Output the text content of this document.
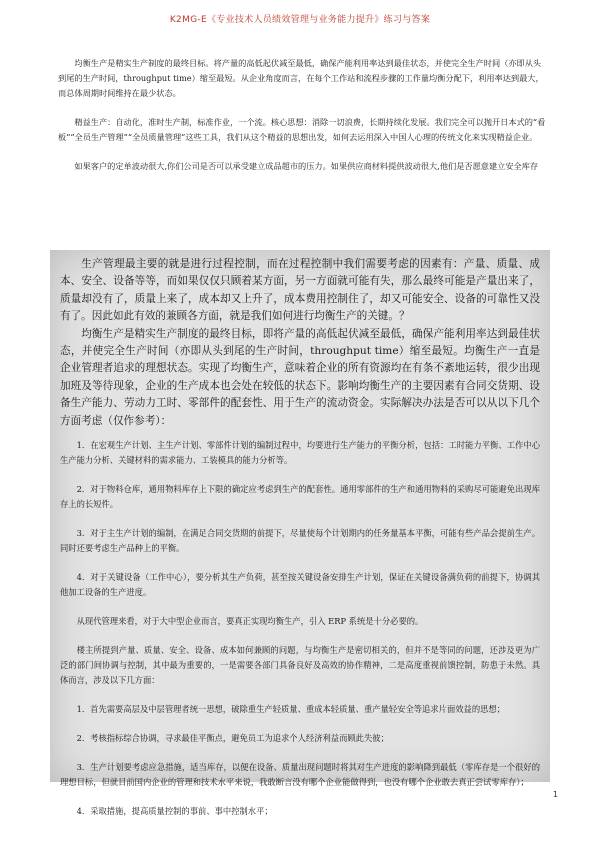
K2MG-E《专业技术人员绩效管理与业务能力提升》练习与答案

均衡生产是精实生产制度的最终目标。将产量的高低起伏减至最低，确保产能利用率达到最佳状态，并使完全生产时间（亦即从头到尾的生产时间，throughput time）缩至最短。从企业角度而言，在每个工作站和流程步骤的工作量均衡分配下，利用率达到最大，而总体周期时间维持在最少状态。

精益生产：自动化，准时生产制，标准作业，一个流。核心思想：消除一切浪费，长期持续化发展。我们完全可以抛开日本式的“看板”“全员生产管理”“全员质量管理”这些工具，我们从这个精益的思想出发，如何去运用深入中国人心理的传统文化来实现精益企业。

如果客户的定单波动很大,你们公司是否可以承受建立成品超市的压力。如果供应商材料提供波动很大,他们是否愿意建立安全库存

生产管理最主要的就是进行过程控制，而在过程控制中我们需要考虑的因素有：产量、质量、成本、安全、设备等等，而如果仅仅只顾着某方面，另一方面就可能有失，那么最终可能是产量出来了，质量却没有了，质量上来了，成本却又上升了，成本费用控制住了，却又可能安全、设备的可靠性又没有了。因此如此有效的兼顾各方面，就是我们如何进行均衡生产的关键。？

均衡生产是精实生产制度的最终目标，即将产量的高低起伏减至最低，确保产能利用率达到最佳状态，并使完全生产时间（亦即从头到尾的生产时间，throughput time）缩至最短。均衡生产一直是企业管理者追求的理想状态。实现了均衡生产，意味着企业的所有资源均在有条不紊地运转，很少出现加班及等待现象，企业的生产成本也会处在较低的状态下。影响均衡生产的主要因素有合同交货期、设备生产能力、劳动力工时、零部件的配套性、用于生产的流动资金。实际解决办法是否可以从以下几个方面考虑（仅作参考）：

1．在宏观生产计划、主生产计划、零部件计划的编制过程中，均要进行生产能力的平衡分析，包括：工时能力平衡、工作中心生产能力分析、关键材料的需求能力、工装模具的能力分析等。

2．对于物料仓库，通用物料库存上下限的确定应考虑到生产的配套性。通用零部件的生产和通用物料的采购尽可能避免出现库存上的长短件。

3．对于主生产计划的编制，在满足合同交货期的前提下，尽量使每个计划期内的任务量基本平衡，可能有些产品会提前生产。同时还要考虑生产品种上的平衡。

4．对于关键设备（工作中心），要分析其生产负荷，甚至按关键设备安排生产计划，保证在关键设备满负荷的前提下，协调其他加工设备的生产进度。

从现代管理来看，对于大中型企业而言，要真正实现均衡生产，引入 ERP 系统是十分必要的。

楼主所提到产量、质量、安全、设备、成本如何兼顾的问题，与均衡生产是密切相关的，但并不是等同的问题，还涉及更为广泛的部门间协调与控制，其中最为重要的，一是需要各部门具备良好及高效的协作精神，二是高度重视前馈控制，防患于未然。具体而言，涉及以下几方面：

1．首先需要高层及中层管理者统一思想，破除重生产轻质量、重成本轻质量、重产量轻安全等追求片面效益的思想；

2．考核指标综合协调，寻求最佳平衡点，避免员工为追求个人经济利益而顾此失彼；

3．生产计划要考虑应急措施，适当库存，以便在设备、质量出现问题时将其对生产进度的影响降到最低（零库存是一个很好的理想目标，但就目前国内企业的管理和技术水平来说，我敢断言没有哪个企业能做得到，也没有哪个企业敢去真正尝试零库存）；

4．采取措施，提高质量控制的事前、事中控制水平；

1
